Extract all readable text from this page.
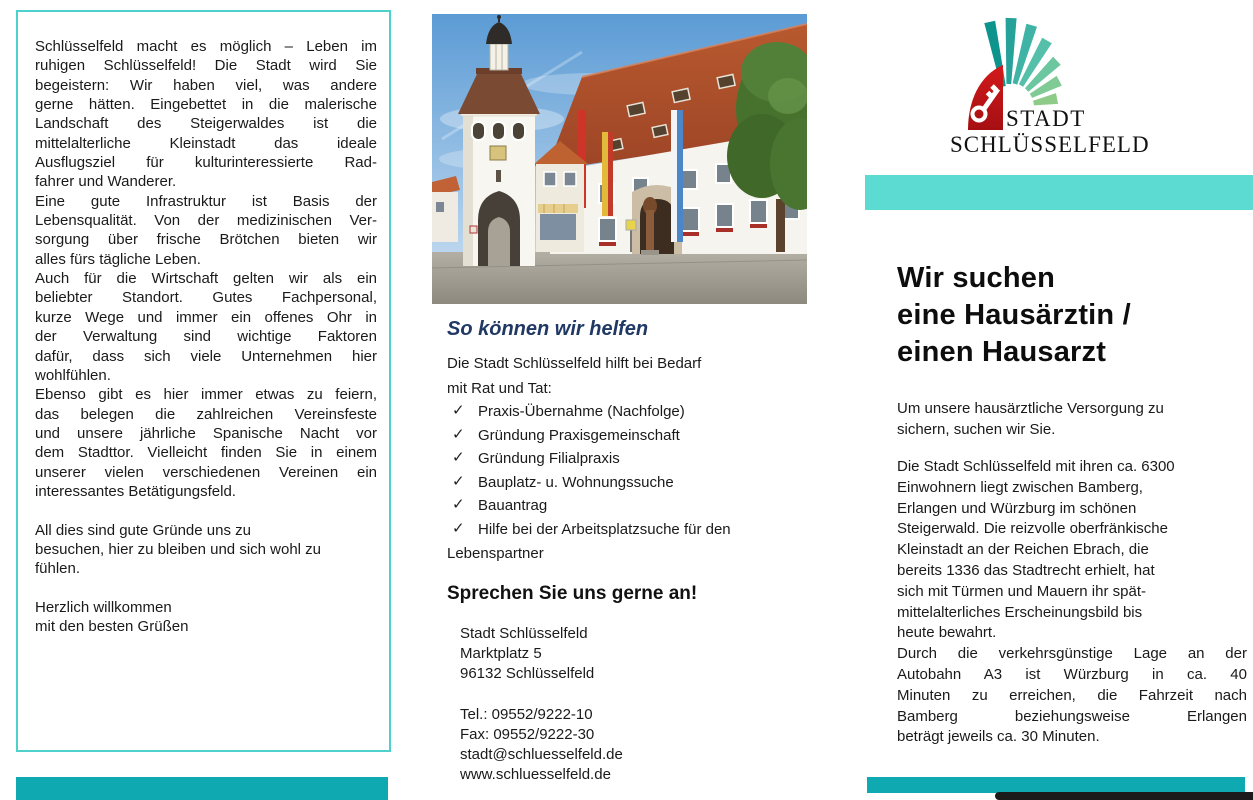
Schlüsselfeld macht es möglich – Leben im
ruhigen Schlüsselfeld! Die Stadt wird Sie
begeistern: Wir haben viel, was andere
gerne hätten. Eingebettet in die malerische
Landschaft des Steigerwaldes ist die
mittelalterliche Kleinstadt das ideale
Ausflugsziel für kulturinteressierte Rad-
fahrer und Wanderer.
Eine gute Infrastruktur ist Basis der
Lebensqualität. Von der medizinischen Ver-
sorgung über frische Brötchen bieten wir
alles fürs tägliche Leben.
Auch für die Wirtschaft gelten wir als ein
beliebter Standort. Gutes Fachpersonal,
kurze Wege und immer ein offenes Ohr in
der Verwaltung sind wichtige Faktoren
dafür, dass sich viele Unternehmen hier
wohlfühlen.
Ebenso gibt es hier immer etwas zu feiern,
das belegen die zahlreichen Vereinsfeste
und unsere jährliche Spanische Nacht vor
dem Stadttor. Vielleicht finden Sie in einem
unserer vielen verschiedenen Vereinen ein
interessantes Betätigungsfeld.

All dies sind gute Gründe uns zu
besuchen, hier zu bleiben und sich wohl zu
fühlen.

Herzlich willkommen
mit den besten Grüßen
So können wir helfen
Die Stadt Schlüsselfeld hilft bei Bedarf
mit Rat und Tat:
✓ Praxis-Übernahme (Nachfolge)
✓ Gründung Praxisgemeinschaft
✓ Gründung Filialpraxis
✓ Bauplatz- u. Wohnungssuche
✓ Bauantrag
✓ Hilfe bei der Arbeitsplatzsuche für den
Lebenspartner
Sprechen Sie uns gerne an!
Stadt Schlüsselfeld
Marktplatz 5
96132 Schlüsselfeld

Tel.: 09552/9222-10
Fax: 09552/9222-30
stadt@schluesselfeld.de
www.schluesselfeld.de
STADT
SCHLÜSSELFELD
Wir suchen
eine Hausärztin /
einen Hausarzt
Um unsere hausärztliche Versorgung zu
sichern, suchen wir Sie.
Die Stadt Schlüsselfeld mit ihren ca. 6300
Einwohnern liegt zwischen Bamberg,
Erlangen und Würzburg im schönen
Steigerwald. Die reizvolle oberfränkische
Kleinstadt an der Reichen Ebrach, die
bereits 1336 das Stadtrecht erhielt, hat
sich mit Türmen und Mauern ihr spät-
mittelalterliches Erscheinungsbild bis
heute bewahrt.
Durch die verkehrsgünstige Lage an der
Autobahn A3 ist Würzburg in ca. 40
Minuten zu erreichen, die Fahrzeit nach
Bamberg beziehungsweise Erlangen
beträgt jeweils ca. 30 Minuten.
